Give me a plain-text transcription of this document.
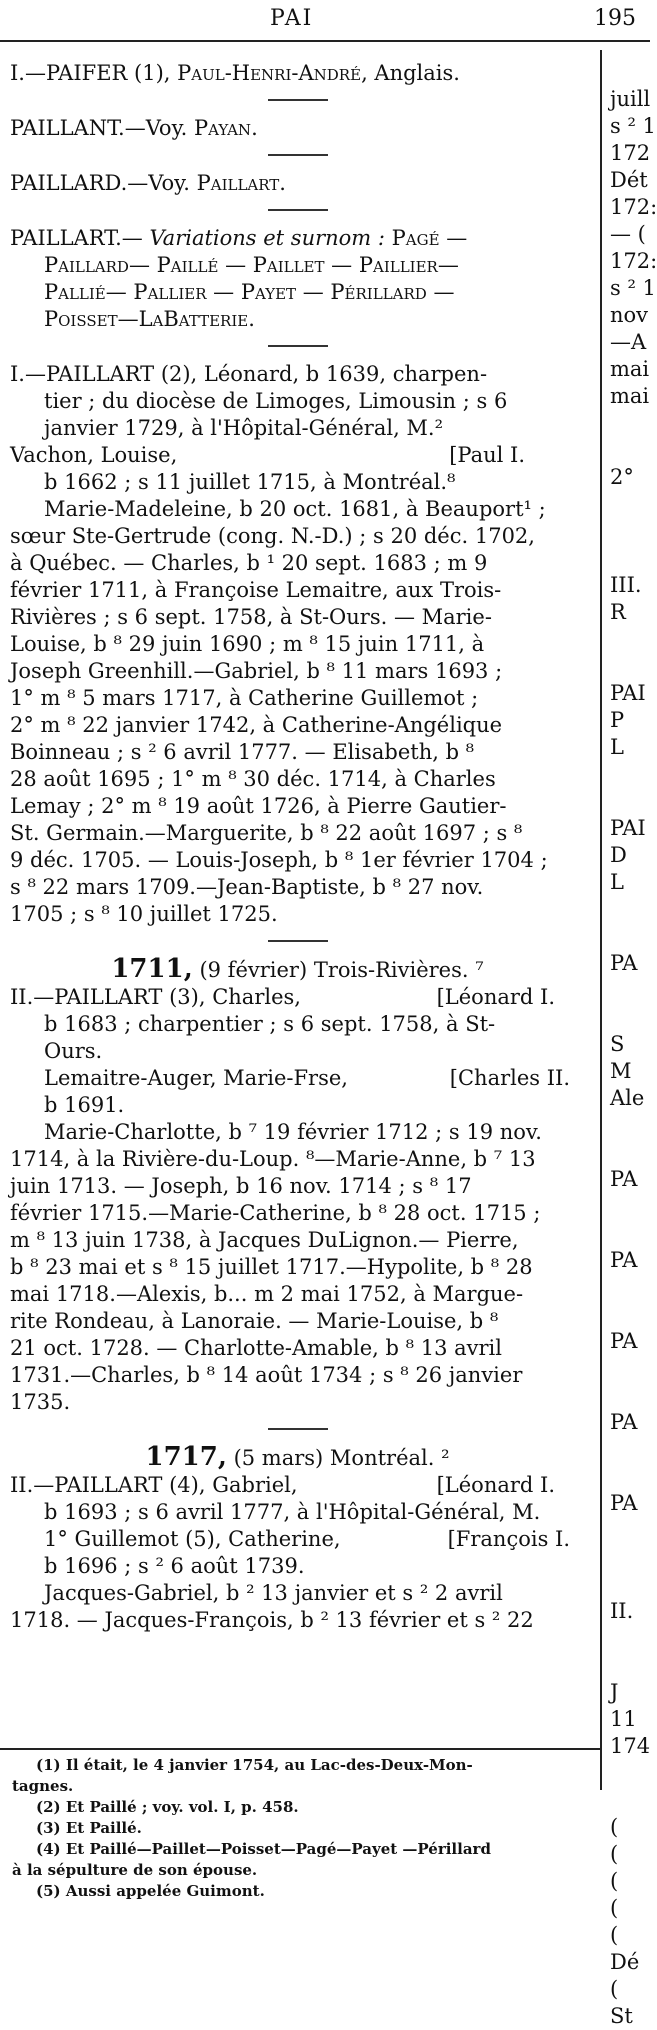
PAI	195

I.—PAIFER (1), Paul-Henri-André, Anglais.

PAILLANT.—Voy. Payan.

PAILLARD.—Voy. Paillart.

PAILLART.— Variations et surnom : Pagé —
Paillard— Paillé — Paillet — Paillier—
Pallié— Pallier — Payet — Périllard —
Poisset—LaBatterie.
I.—PAILLART (2), Léonard, b 1639, charpen-
tier ; du diocèse de Limoges, Limousin ; s 6
janvier 1729, à l'Hôpital-Général, M.²
Vachon, Louise,	[Paul I.
b 1662 ; s 11 juillet 1715, à Montréal.⁸
Marie-Madeleine, b 20 oct. 1681, à Beauport¹ ;
sœur Ste-Gertrude (cong. N.-D.) ; s 20 déc. 1702,
à Québec. — Charles, b ¹ 20 sept. 1683 ; m 9
février 1711, à Françoise Lemaitre, aux Trois-
Rivières ; s 6 sept. 1758, à St-Ours. — Marie-
Louise, b ⁸ 29 juin 1690 ; m ⁸ 15 juin 1711, à
Joseph Greenhill.—Gabriel, b ⁸ 11 mars 1693 ;
1° m ⁸ 5 mars 1717, à Catherine Guillemot ;
2° m ⁸ 22 janvier 1742, à Catherine-Angélique
Boinneau ; s ² 6 avril 1777. — Elisabeth, b ⁸
28 août 1695 ; 1° m ⁸ 30 déc. 1714, à Charles
Lemay ; 2° m ⁸ 19 août 1726, à Pierre Gautier-
St. Germain.—Marguerite, b ⁸ 22 août 1697 ; s ⁸
9 déc. 1705. — Louis-Joseph, b ⁸ 1er février 1704 ;
s ⁸ 22 mars 1709.—Jean-Baptiste, b ⁸ 27 nov.
1705 ; s ⁸ 10 juillet 1725.
1711, (9 février) Trois-Rivières. ⁷
II.—PAILLART (3), Charles,	[Léonard I.
b 1683 ; charpentier ; s 6 sept. 1758, à St-
Ours.
Lemaitre-Auger, Marie-Frse,	[Charles II.
b 1691.
Marie-Charlotte, b ⁷ 19 février 1712 ; s 19 nov.
1714, à la Rivière-du-Loup. ⁸—Marie-Anne, b ⁷ 13
juin 1713. — Joseph, b 16 nov. 1714 ; s ⁸ 17
février 1715.—Marie-Catherine, b ⁸ 28 oct. 1715 ;
m ⁸ 13 juin 1738, à Jacques DuLignon.— Pierre,
b ⁸ 23 mai et s ⁸ 15 juillet 1717.—Hypolite, b ⁸ 28
mai 1718.—Alexis, b... m 2 mai 1752, à Margue-
rite Rondeau, à Lanoraie. — Marie-Louise, b ⁸
21 oct. 1728. — Charlotte-Amable, b ⁸ 13 avril
1731.—Charles, b ⁸ 14 août 1734 ; s ⁸ 26 janvier
1735.
1717, (5 mars) Montréal. ²
II.—PAILLART (4), Gabriel,	[Léonard I.
b 1693 ; s 6 avril 1777, à l'Hôpital-Général, M.
1° Guillemot (5), Catherine,	[François I.
b 1696 ; s ² 6 août 1739.
Jacques-Gabriel, b ² 13 janvier et s ² 2 avril
1718. — Jacques-François, b ² 13 février et s ² 22

(1) Il était, le 4 janvier 1754, au Lac-des-Deux-Mon-

tagnes.

(2) Et Paillé ; voy. vol. I, p. 458.

(3) Et Paillé.

(4) Et Paillé—Paillet—Poisset—Pagé—Payet —Périllard

à la sépulture de son épouse.

(5) Aussi appelée Guimont.

juill
s ² 1
172
Dét
172:
— (
172:
s ² 1
nov
—A
mai
mai
2°
III.
R
PAI
P
L
PAI
D
L
PA
S
M
Ale
PA
PA
PA
PA
PA
II.
J
11
174
(
(
(
(
(
Dé
(
St
